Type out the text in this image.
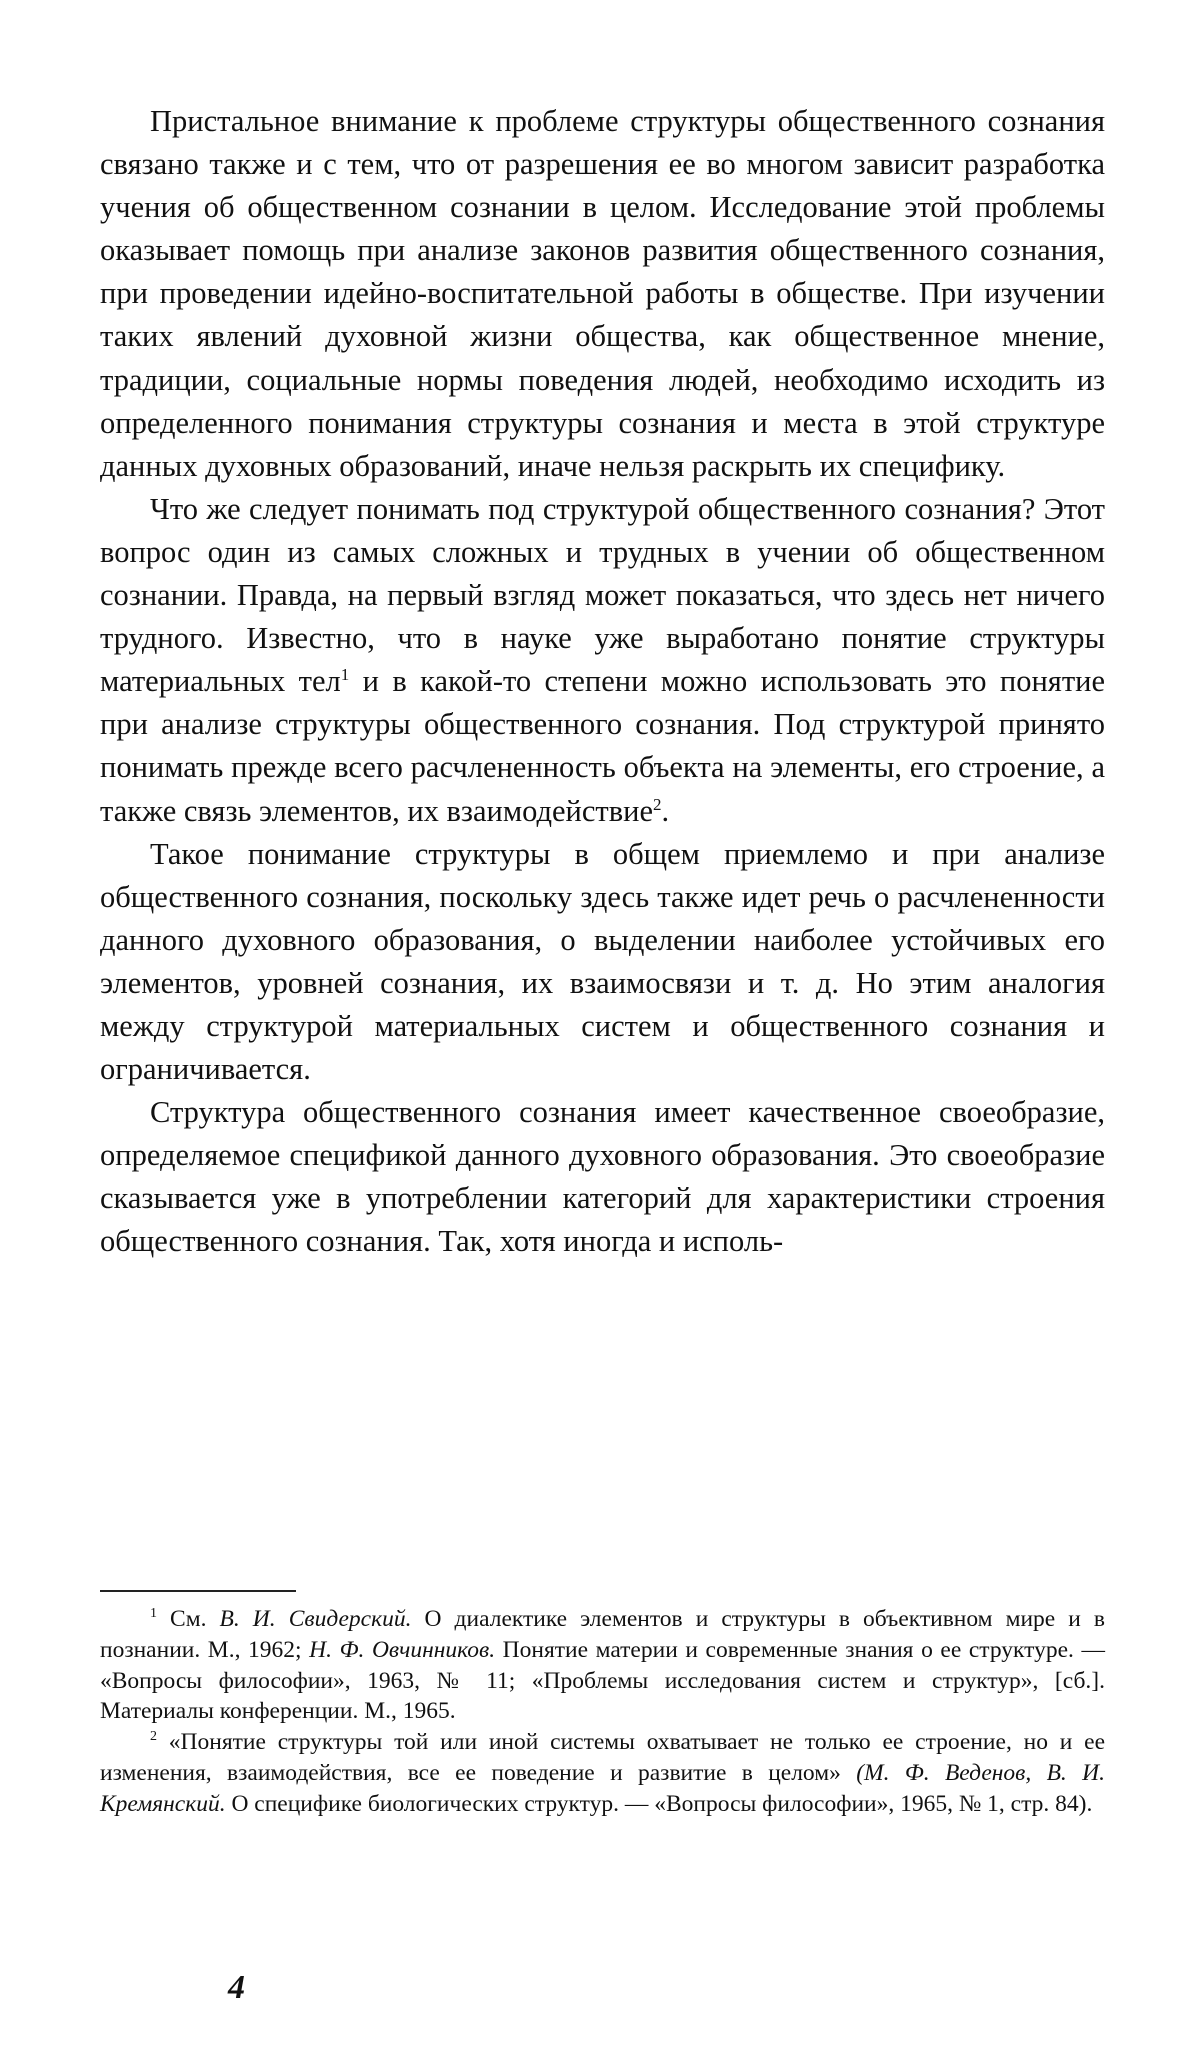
Пристальное внимание к проблеме структуры общественного сознания связано также и с тем, что от разрешения ее во многом зависит разработка учения об общественном сознании в целом. Исследование этой проблемы оказывает помощь при анализе законов развития общественного сознания, при проведении идейно-воспитательной работы в обществе. При изучении таких явлений духовной жизни общества, как общественное мнение, традиции, социальные нормы поведения людей, необходимо исходить из определенного понимания структуры сознания и места в этой структуре данных духовных образований, иначе нельзя раскрыть их специфику.

Что же следует понимать под структурой общественного сознания? Этот вопрос один из самых сложных и трудных в учении об общественном сознании. Правда, на первый взгляд может показаться, что здесь нет ничего трудного. Известно, что в науке уже выработано понятие структуры материальных тел$^1$ и в какой-то степени можно использовать это понятие при анализе структуры общественного сознания. Под структурой принято понимать прежде всего расчлененность объекта на элементы, его строение, а также связь элементов, их взаимодействие$^2$.

Такое понимание структуры в общем приемлемо и при анализе общественного сознания, поскольку здесь также идет речь о расчлененности данного духовного образования, о выделении наиболее устойчивых его элементов, уровней сознания, их взаимосвязи и т. д. Но этим аналогия между структурой материальных систем и общественного сознания и ограничивается.

Структура общественного сознания имеет качественное своеобразие, определяемое спецификой данного духовного образования. Это своеобразие сказывается уже в употреблении категорий для характеристики строения общественного сознания. Так, хотя иногда и исполь-

$^1$ См. В. И. Свидерский. О диалектике элементов и структуры в объективном мире и в познании. М., 1962; Н. Ф. Овчинников. Понятие материи и современные знания о ее структуре. — «Вопросы философии», 1963, № 11; «Проблемы исследования систем и структур», [сб.]. Материалы конференции. М., 1965.

$^2$ «Понятие структуры той или иной системы охватывает не только ее строение, но и ее изменения, взаимодействия, все ее поведение и развитие в целом» (М. Ф. Веденов, В. И. Кремянский. О специфике биологических структур. — «Вопросы философии», 1965, № 1, стр. 84).

4
